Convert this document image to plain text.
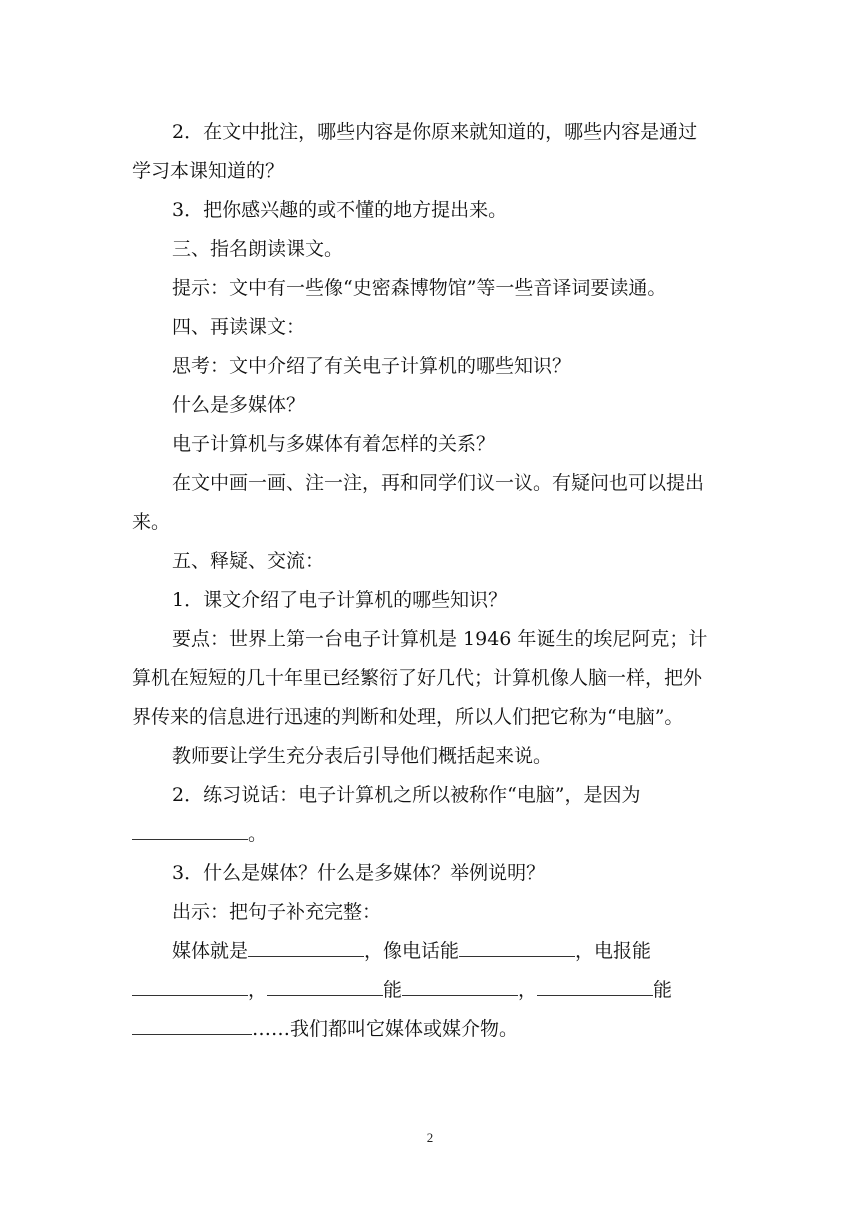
2．在文中批注，哪些内容是你原来就知道的，哪些内容是通过
学习本课知道的？
3．把你感兴趣的或不懂的地方提出来。
三、指名朗读课文。
提示：文中有一些像“史密森博物馆”等一些音译词要读通。
四、再读课文：
思考：文中介绍了有关电子计算机的哪些知识？
什么是多媒体？
电子计算机与多媒体有着怎样的关系？
在文中画一画、注一注，再和同学们议一议。有疑问也可以提出
来。
五、释疑、交流：
1．课文介绍了电子计算机的哪些知识？
要点：世界上第一台电子计算机是 1946 年诞生的埃尼阿克；计
算机在短短的几十年里已经繁衍了好几代；计算机像人脑一样，把外
界传来的信息进行迅速的判断和处理，所以人们把它称为“电脑”。
教师要让学生充分表后引导他们概括起来说。
2．练习说话：电子计算机之所以被称作“电脑”，是因为
。
3．什么是媒体？什么是多媒体？举例说明？
出示：把句子补充完整：
媒体就是	，像电话能	，电报能
，	能	，	能
……我们都叫它媒体或媒介物。
2
